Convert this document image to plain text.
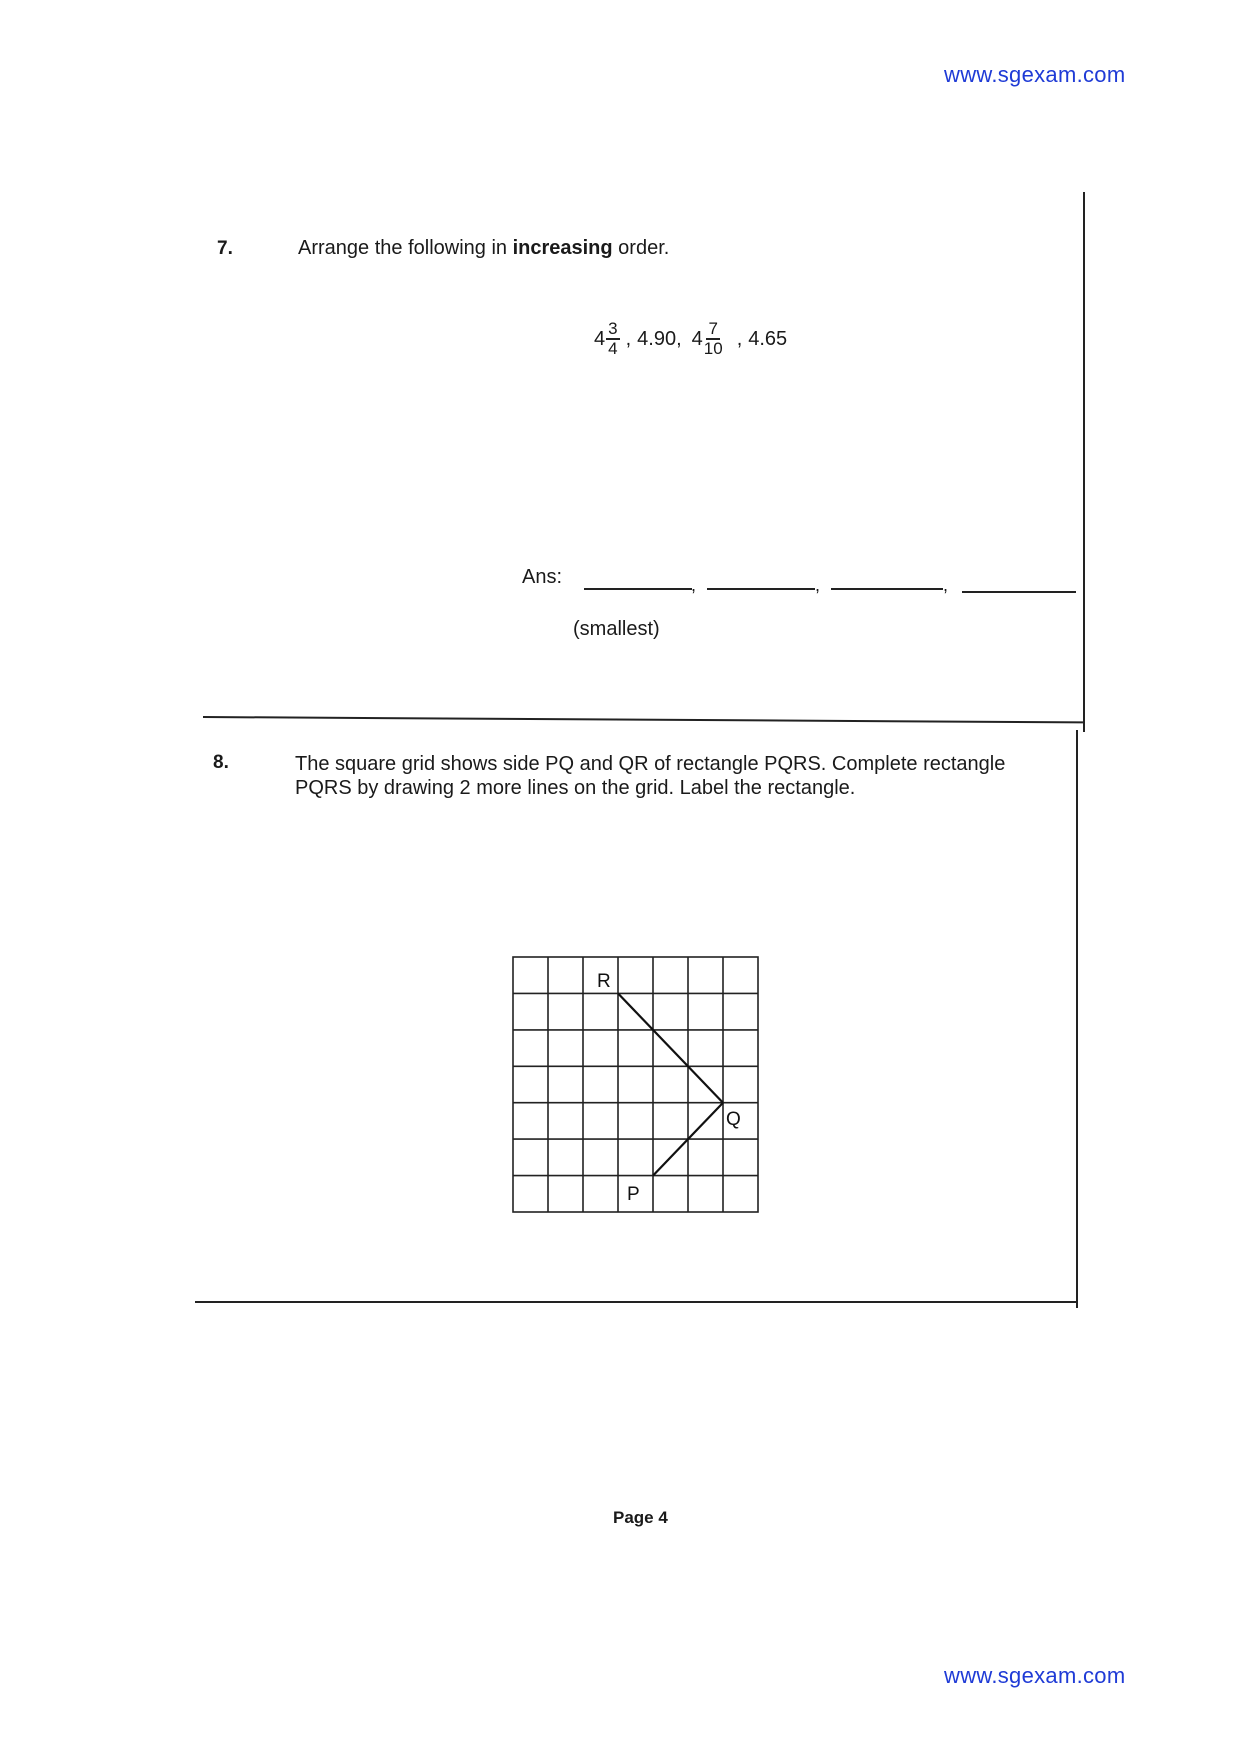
www.sgexam.com
7.	Arrange the following in increasing order.
$4 \frac{3}{4}$ , 4.90, $4 \frac{7}{10}$ , 4.65
Ans:	,	,	,
(smallest)
8.	The square grid shows side PQ and QR of rectangle PQRS. Complete rectangle
PQRS by drawing 2 more lines on the grid. Label the rectangle.
R
Q
P
Page 4
www.sgexam.com
